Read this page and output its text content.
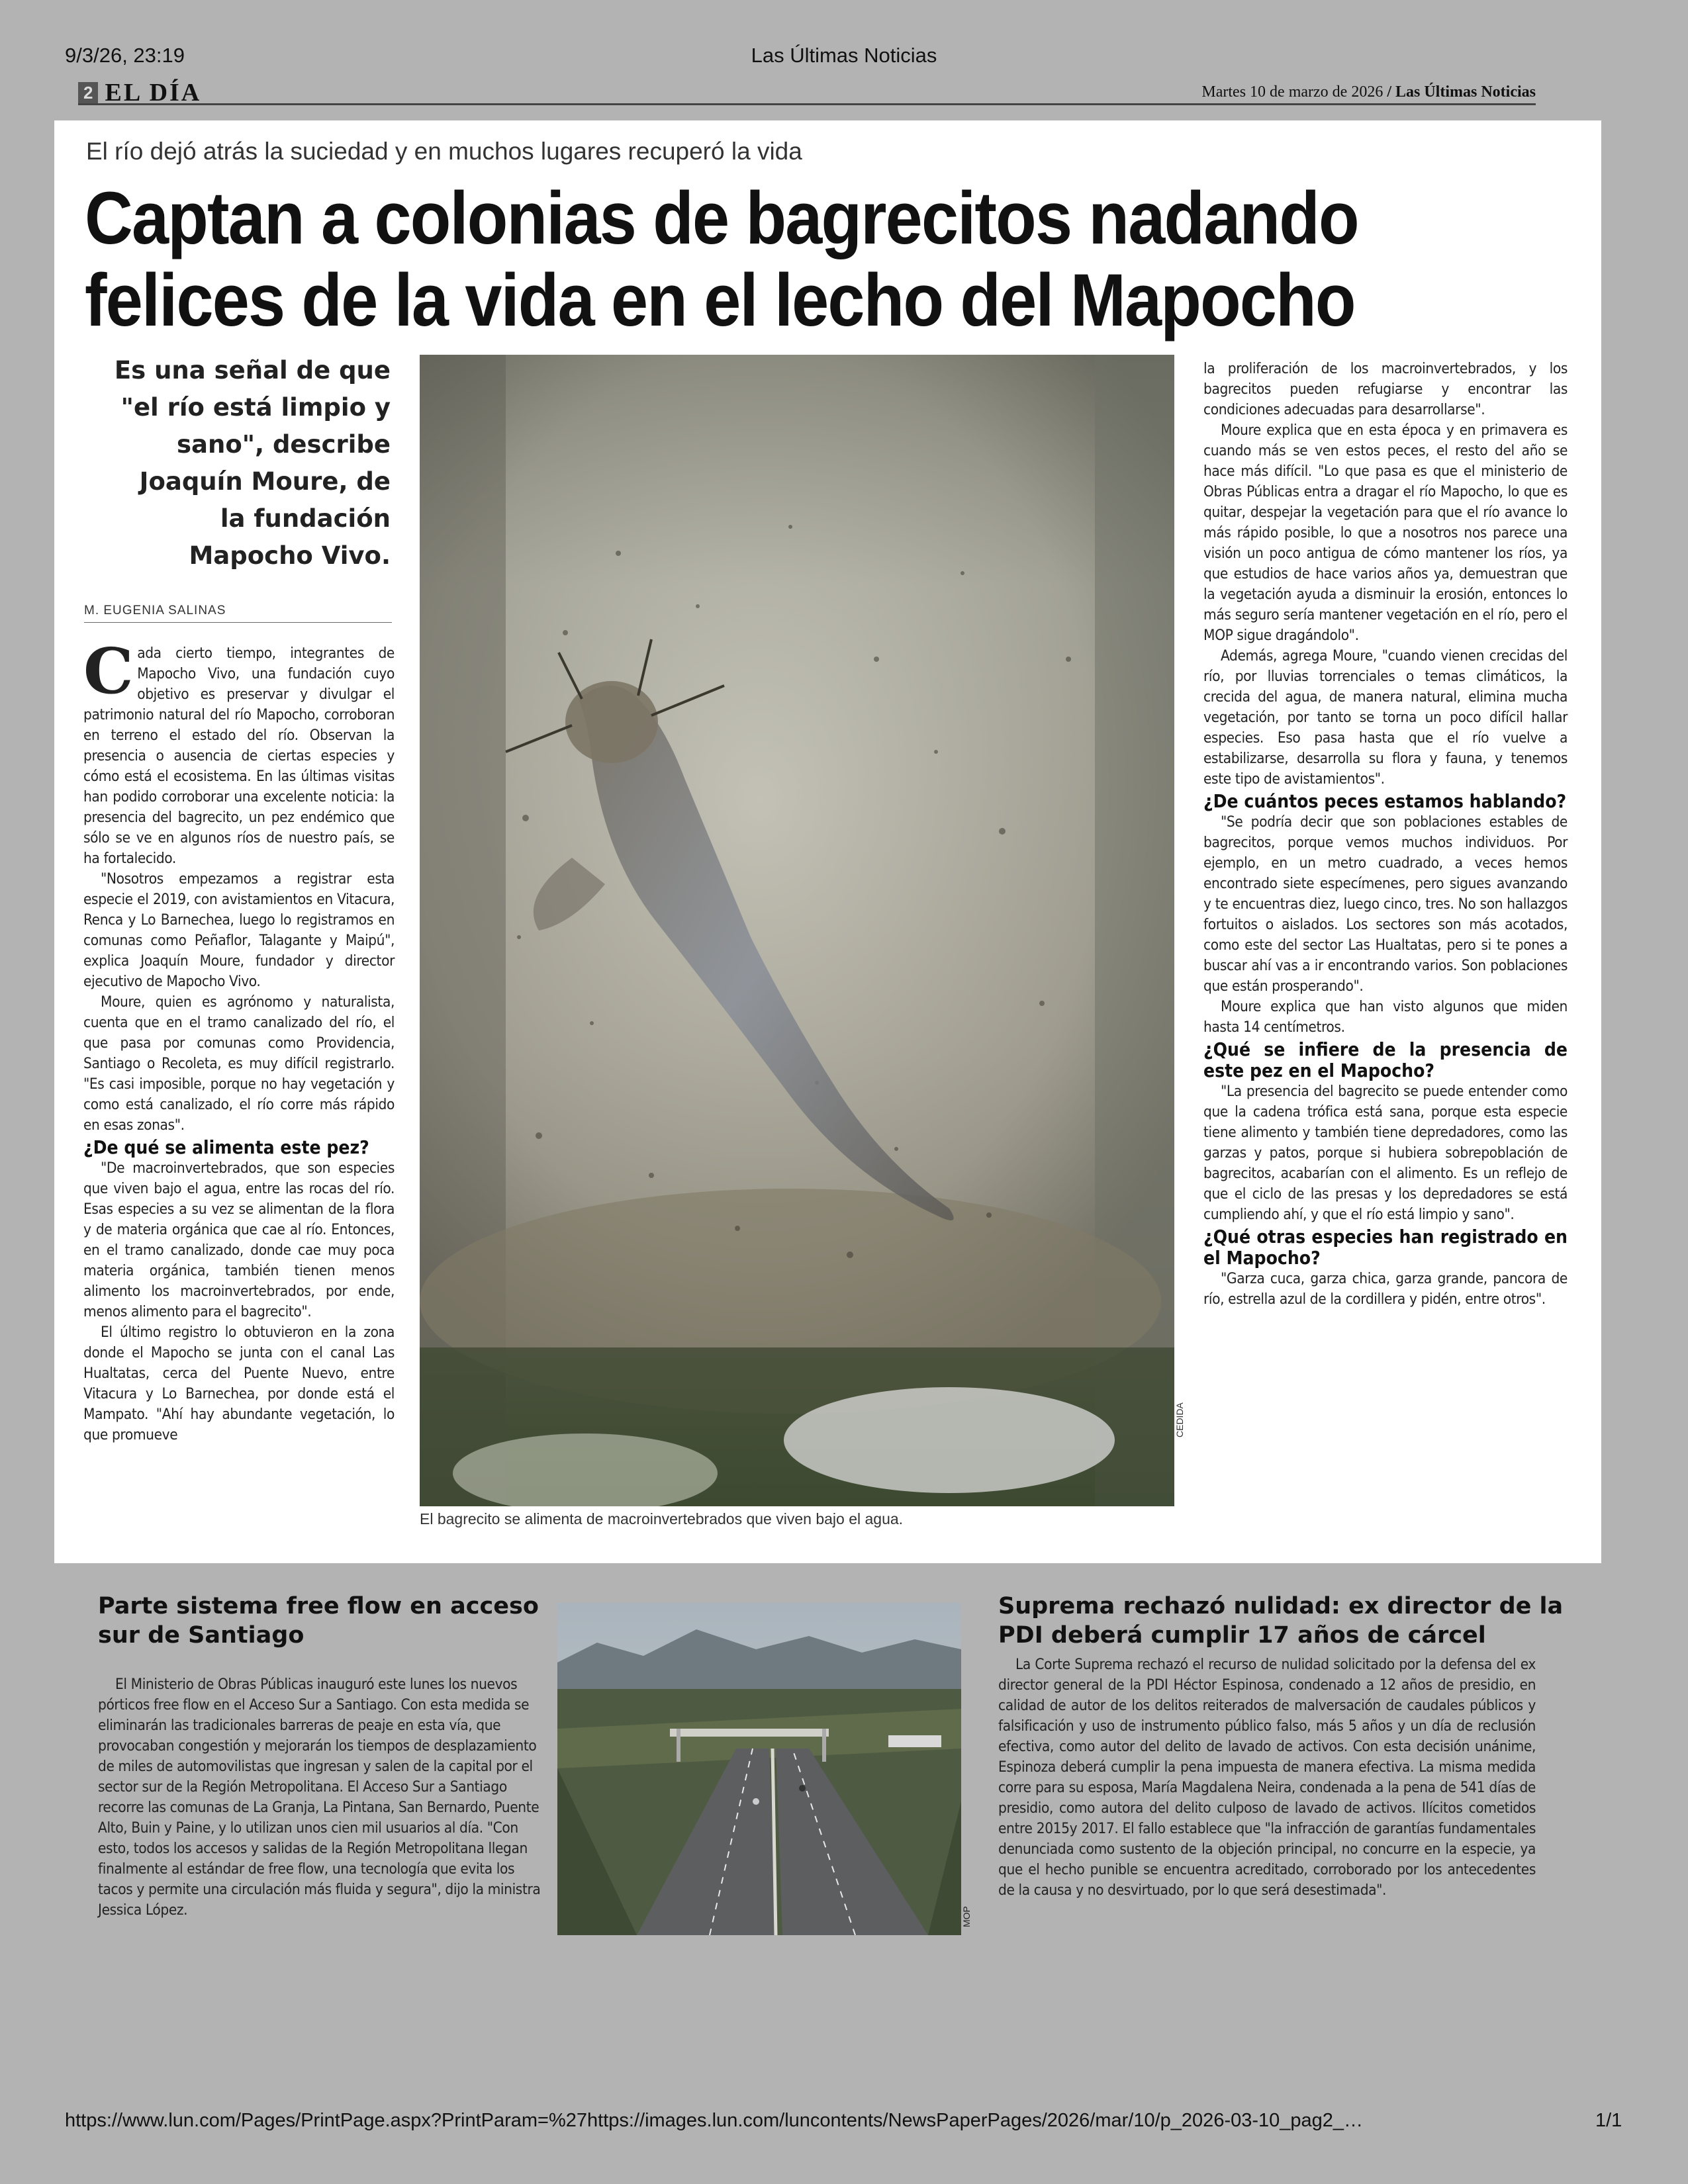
9/3/26, 23:19	Las Últimas Noticias
2 EL DÍA	Martes 10 de marzo de 2026 / Las Últimas Noticias
El río dejó atrás la suciedad y en muchos lugares recuperó la vida
Captan a colonias de bagrecitos nadando
felices de la vida en el lecho del Mapocho
Es una señal de que "el río está limpio y sano", describe Joaquín Moure, de la fundación Mapocho Vivo.
M. EUGENIA SALINAS

Cada cierto tiempo, integrantes de Mapocho Vivo, una fundación cuyo objetivo es preservar y divulgar el patrimonio natural del río Mapocho, corroboran en terreno el estado del río. Observan la presencia o ausencia de ciertas especies y cómo está el ecosistema. En las últimas visitas han podido corroborar una excelente noticia: la presencia del bagrecito, un pez endémico que sólo se ve en algunos ríos de nuestro país, se ha fortalecido.

"Nosotros empezamos a registrar esta especie el 2019, con avistamientos en Vitacura, Renca y Lo Barnechea, luego lo registramos en comunas como Peñaflor, Talagante y Maipú", explica Joaquín Moure, fundador y director ejecutivo de Mapocho Vivo.

Moure, quien es agrónomo y naturalista, cuenta que en el tramo canalizado del río, el que pasa por comunas como Providencia, Santiago o Recoleta, es muy difícil registrarlo. "Es casi imposible, porque no hay vegetación y como está canalizado, el río corre más rápido en esas zonas".

¿De qué se alimenta este pez?

"De macroinvertebrados, que son especies que viven bajo el agua, entre las rocas del río. Esas especies a su vez se alimentan de la flora y de materia orgánica que cae al río. Entonces, en el tramo canalizado, donde cae muy poca materia orgánica, también tienen menos alimento los macroinvertebrados, por ende, menos alimento para el bagrecito".

El último registro lo obtuvieron en la zona donde el Mapocho se junta con el canal Las Hualtatas, cerca del Puente Nuevo, entre Vitacura y Lo Barnechea, por donde está el Mampato. "Ahí hay abundante vegetación, lo que promueve	CEDIDA
El bagrecito se alimenta de macroinvertebrados que viven bajo el agua.

la proliferación de los macroinvertebrados, y los bagrecitos pueden refugiarse y encontrar las condiciones adecuadas para desarrollarse".

Moure explica que en esta época y en primavera es cuando más se ven estos peces, el resto del año se hace más difícil. "Lo que pasa es que el ministerio de Obras Públicas entra a dragar el río Mapocho, lo que es quitar, despejar la vegetación para que el río avance lo más rápido posible, lo que a nosotros nos parece una visión un poco antigua de cómo mantener los ríos, ya que estudios de hace varios años ya, demuestran que la vegetación ayuda a disminuir la erosión, entonces lo más seguro sería mantener vegetación en el río, pero el MOP sigue dragándolo".

Además, agrega Moure, "cuando vienen crecidas del río, por lluvias torrenciales o temas climáticos, la crecida del agua, de manera natural, elimina mucha vegetación, por tanto se torna un poco difícil hallar especies. Eso pasa hasta que el río vuelve a estabilizarse, desarrolla su flora y fauna, y tenemos este tipo de avistamientos".

¿De cuántos peces estamos hablando?

"Se podría decir que son poblaciones estables de bagrecitos, porque vemos muchos individuos. Por ejemplo, en un metro cuadrado, a veces hemos encontrado siete especímenes, pero sigues avanzando y te encuentras diez, luego cinco, tres. No son hallazgos fortuitos o aislados. Los sectores son más acotados, como este del sector Las Hualtatas, pero si te pones a buscar ahí vas a ir encontrando varios. Son poblaciones que están prosperando".

Moure explica que han visto algunos que miden hasta 14 centímetros.

¿Qué se infiere de la presencia de este pez en el Mapocho?

"La presencia del bagrecito se puede entender como que la cadena trófica está sana, porque esta especie tiene alimento y también tiene depredadores, como las garzas y patos, porque si hubiera sobrepoblación de bagrecitos, acabarían con el alimento. Es un reflejo de que el ciclo de las presas y los depredadores se está cumpliendo ahí, y que el río está limpio y sano".

¿Qué otras especies han registrado en el Mapocho?

"Garza cuca, garza chica, garza grande, pancora de río, estrella azul de la cordillera y pidén, entre otros".

Parte sistema free flow en acceso sur de Santiago

El Ministerio de Obras Públicas inauguró este lunes los nuevos pórticos free flow en el Acceso Sur a Santiago. Con esta medida se eliminarán las tradicionales barreras de peaje en esta vía, que provocaban congestión y mejorarán los tiempos de desplazamiento de miles de automovilistas que ingresan y salen de la capital por el sector sur de la Región Metropolitana. El Acceso Sur a Santiago recorre las comunas de La Granja, La Pintana, San Bernardo, Puente Alto, Buin y Paine, y lo utilizan unos cien mil usuarios al día. "Con esto, todos los accesos y salidas de la Región Metropolitana llegan finalmente al estándar de free flow, una tecnología que evita los tacos y permite una circulación más fluida y segura", dijo la ministra Jessica López.	MOP
Suprema rechazó nulidad: ex director de la PDI deberá cumplir 17 años de cárcel

La Corte Suprema rechazó el recurso de nulidad solicitado por la defensa del ex director general de la PDI Héctor Espinosa, condenado a 12 años de presidio, en calidad de autor de los delitos reiterados de malversación de caudales públicos y falsificación y uso de instrumento público falso, más 5 años y un día de reclusión efectiva, como autor del delito de lavado de activos. Con esta decisión unánime, Espinoza deberá cumplir la pena impuesta de manera efectiva. La misma medida corre para su esposa, María Magdalena Neira, condenada a la pena de 541 días de presidio, como autora del delito culposo de lavado de activos. Ilícitos cometidos entre 2015y 2017. El fallo establece que "la infracción de garantías fundamentales denunciada como sustento de la objeción principal, no concurre en la especie, ya que el hecho punible se encuentra acreditado, corroborado por los antecedentes de la causa y no desvirtuado, por lo que será desestimada".

https://www.lun.com/Pages/PrintPage.aspx?PrintParam=%27https://images.lun.com/luncontents/NewsPaperPages/2026/mar/10/p_2026-03-10_pag2_…	1/1
